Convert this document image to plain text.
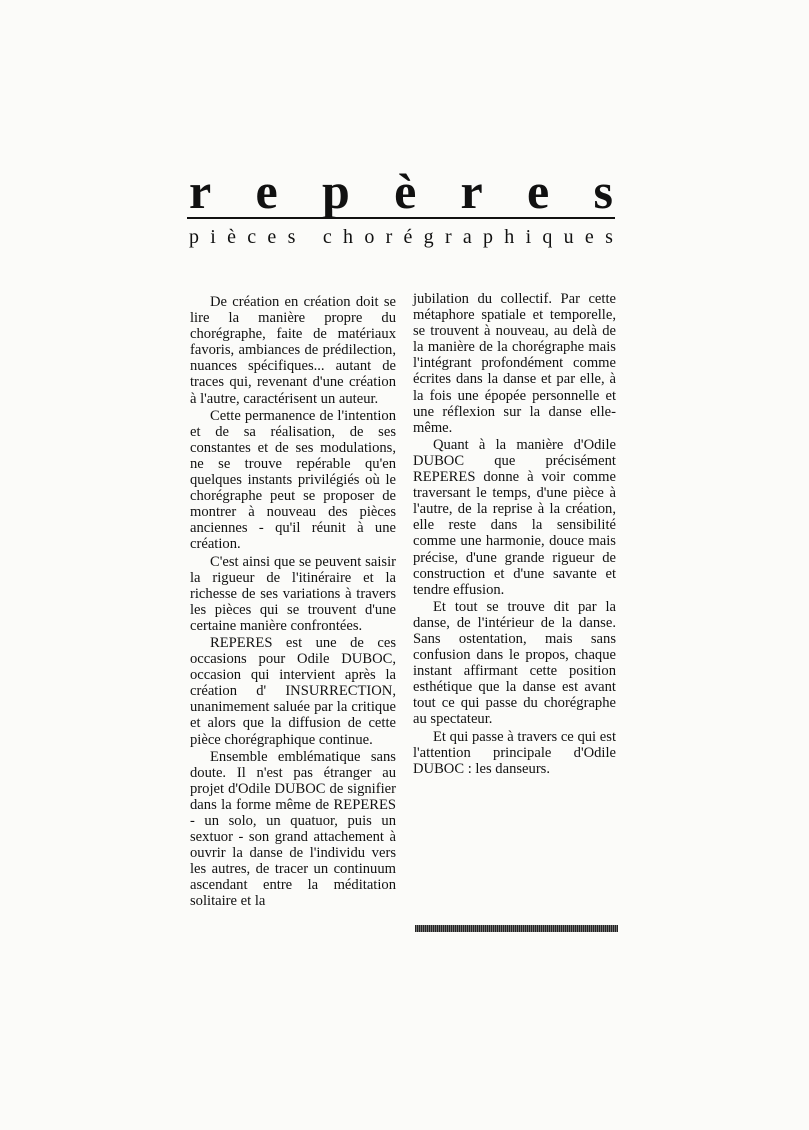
r e p è r e s
p i è c e s
c h o r é g r a p h i q u e s

De création en création doit se lire la manière propre du chorégraphe, faite de matériaux favoris, ambiances de prédilection, nuances spécifiques... autant de traces qui, revenant d'une création à l'autre, caractérisent un auteur.

Cette permanence de l'intention et de sa réalisation, de ses constantes et de ses modulations, ne se trouve repérable qu'en quelques instants privilégiés où le chorégraphe peut se proposer de montrer à nouveau des pièces anciennes - qu'il réunit à une création.

C'est ainsi que se peuvent saisir la rigueur de l'itinéraire et la richesse de ses variations à travers les pièces qui se trouvent d'une certaine manière confrontées.

REPERES est une de ces occasions pour Odile DUBOC, occasion qui intervient après la création d' INSURRECTION, unanimement saluée par la critique et alors que la diffusion de cette pièce chorégraphique continue.

Ensemble emblématique sans doute. Il n'est pas étranger au projet d'Odile DUBOC de signifier dans la forme même de REPERES - un solo, un quatuor, puis un sextuor - son grand attachement à ouvrir la danse de l'individu vers les autres, de tracer un continuum ascendant entre la méditation solitaire et la

jubilation du collectif. Par cette métaphore spatiale et temporelle, se trouvent à nouveau, au delà de la manière de la chorégraphe mais l'intégrant profondément comme écrites dans la danse et par elle, à la fois une épopée personnelle et une réflexion sur la danse elle-même.

Quant à la manière d'Odile DUBOC que précisément REPERES donne à voir comme traversant le temps, d'une pièce à l'autre, de la reprise à la création, elle reste dans la sensibilité comme une harmonie, douce mais précise, d'une grande rigueur de construction et d'une savante et tendre effusion.

Et tout se trouve dit par la danse, de l'intérieur de la danse. Sans ostentation, mais sans confusion dans le propos, chaque instant affirmant cette position esthétique que la danse est avant tout ce qui passe du chorégraphe au spectateur.

Et qui passe à travers ce qui est l'attention principale d'Odile DUBOC : les danseurs.
